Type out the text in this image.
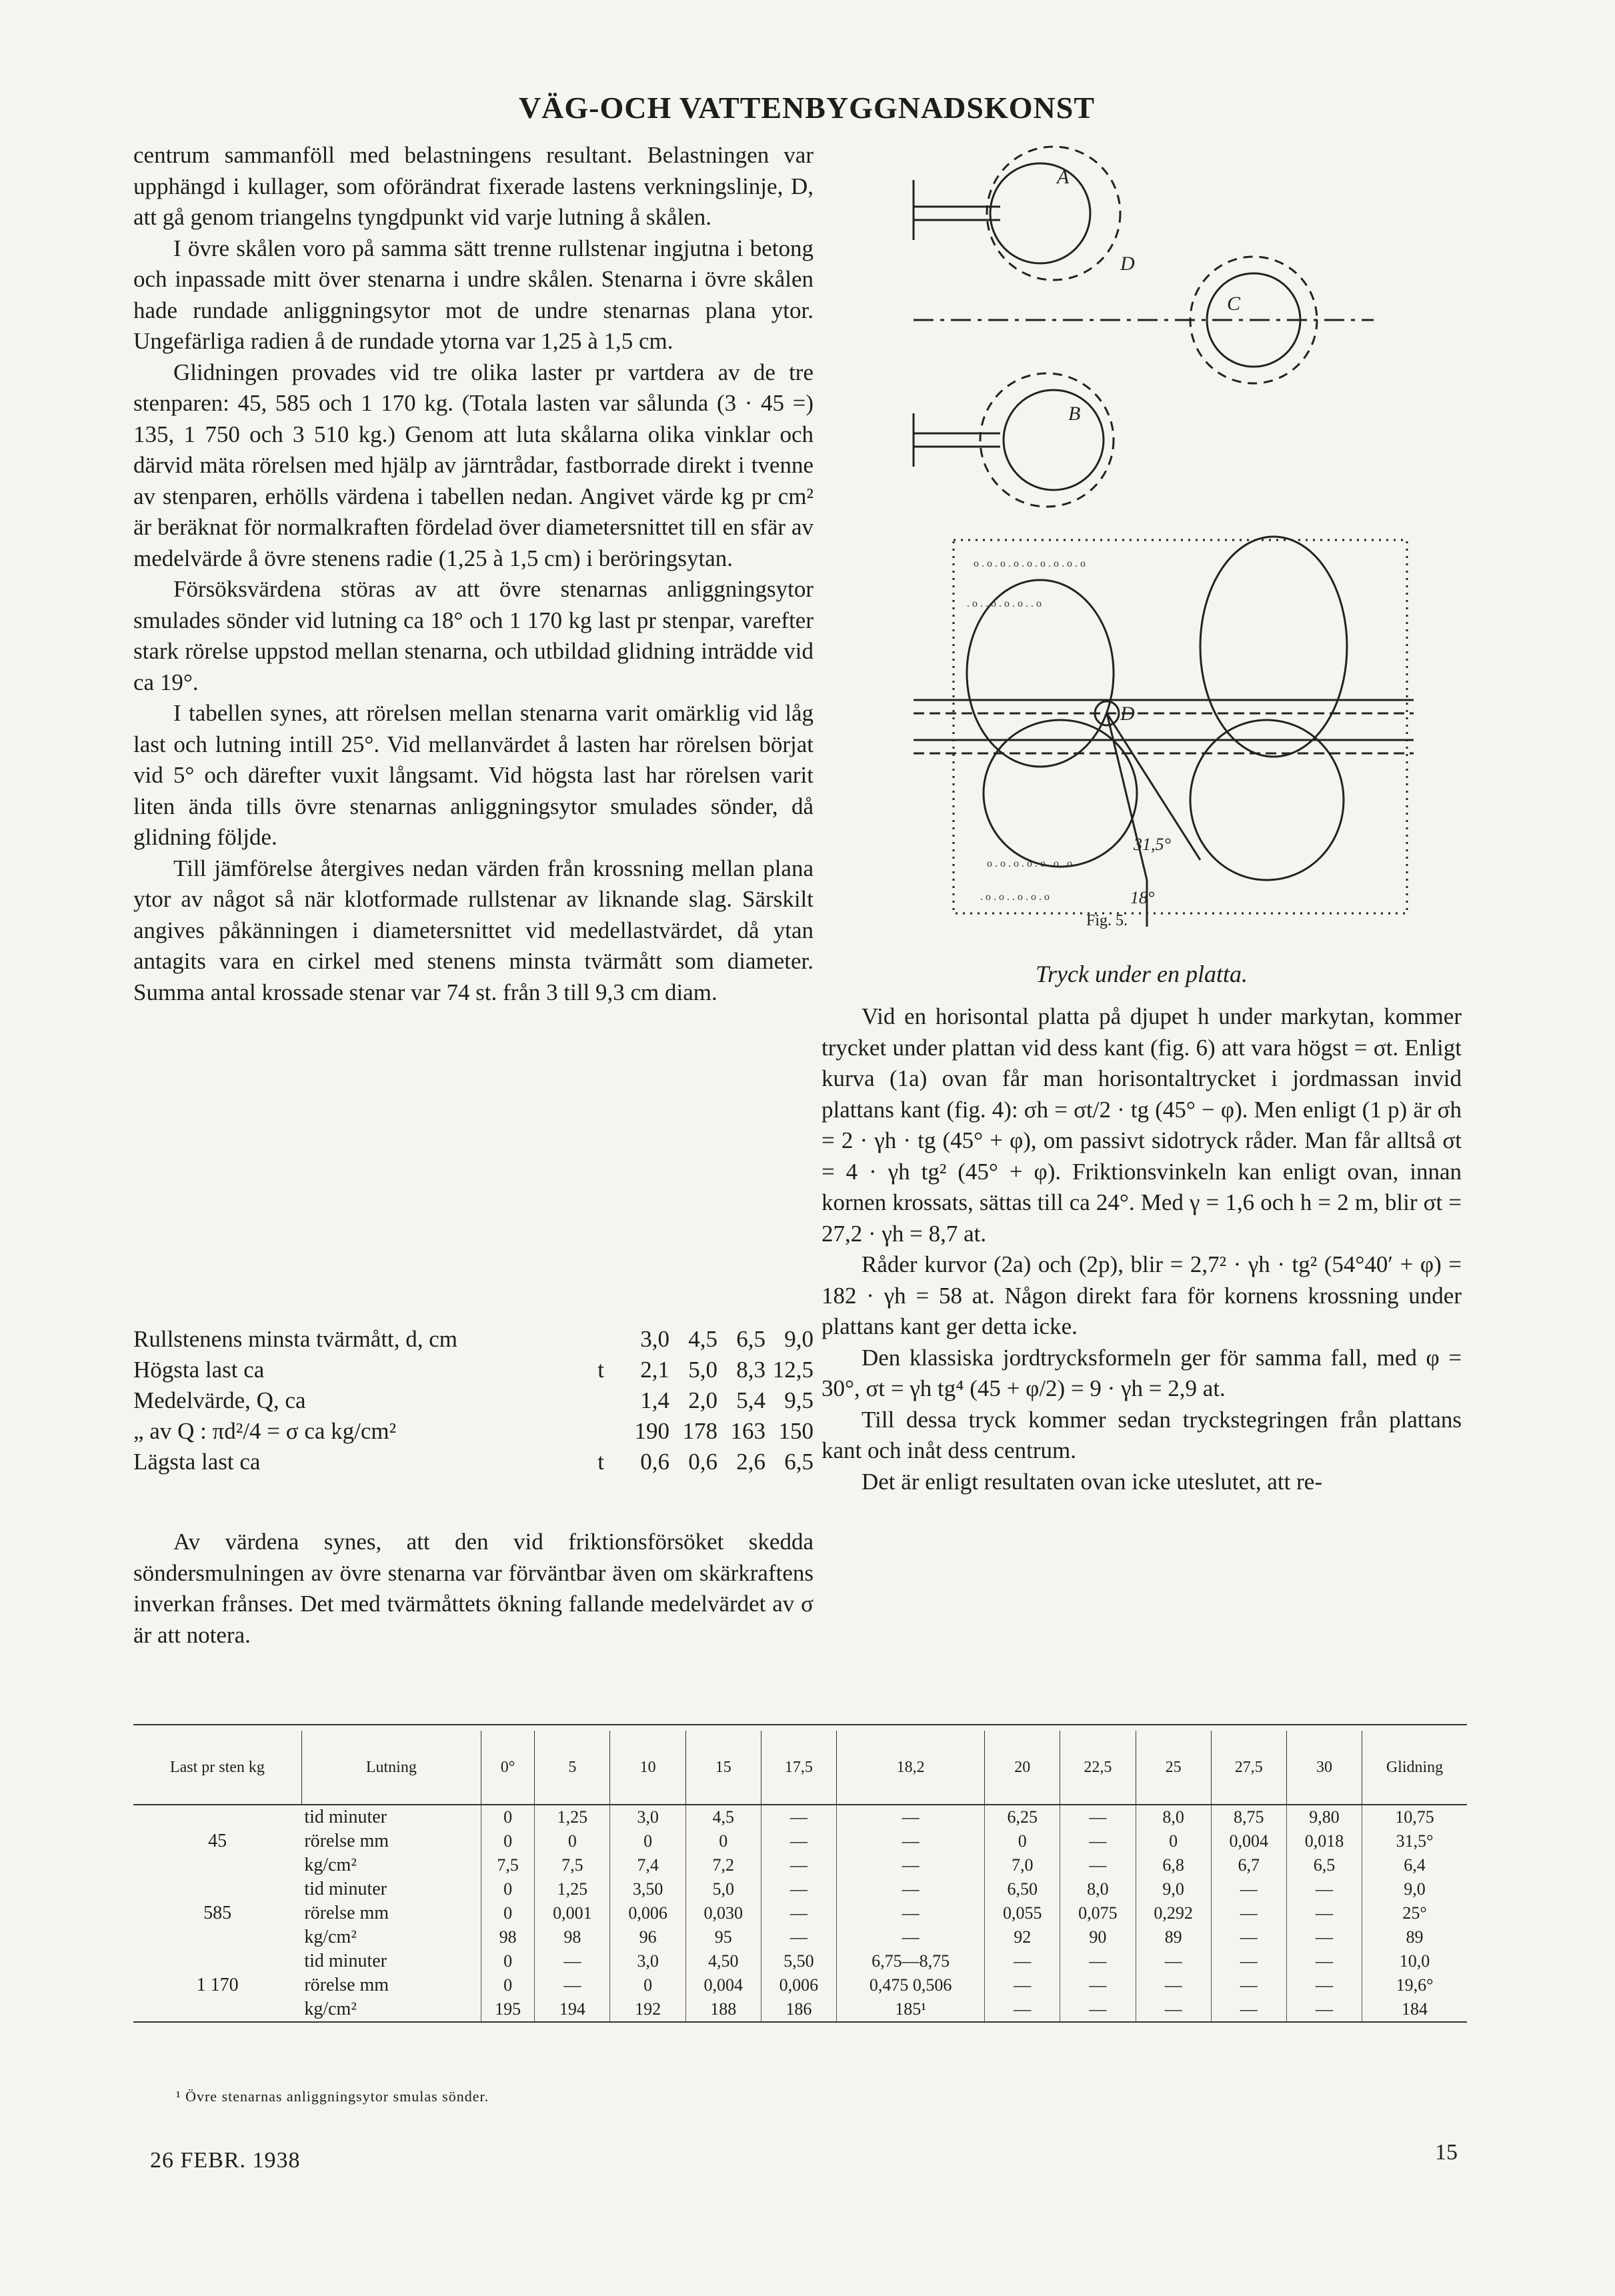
VÄG-OCH VATTENBYGGNADSKONST

centrum sammanföll med belastningens resultant. Belastningen var upphängd i kullager, som oförändrat fixerade lastens verkningslinje, D, att gå genom triangelns tyngdpunkt vid varje lutning å skålen.

I övre skålen voro på samma sätt trenne rullstenar ingjutna i betong och inpassade mitt över stenarna i undre skålen. Stenarna i övre skålen hade rundade anliggningsytor mot de undre stenarnas plana ytor. Ungefärliga radien å de rundade ytorna var 1,25 à 1,5 cm.

Glidningen provades vid tre olika laster pr vartdera av de tre stenparen: 45, 585 och 1 170 kg. (Totala lasten var sålunda (3 · 45 =) 135, 1 750 och 3 510 kg.) Genom att luta skålarna olika vinklar och därvid mäta rörelsen med hjälp av järntrådar, fastborrade direkt i tvenne av stenparen, erhölls värdena i tabellen nedan. Angivet värde kg pr cm² är beräknat för normalkraften fördelad över diametersnittet till en sfär av medelvärde å övre stenens radie (1,25 à 1,5 cm) i beröringsytan.

Försöksvärdena störas av att övre stenarnas anliggningsytor smulades sönder vid lutning ca 18° och 1 170 kg last pr stenpar, varefter stark rörelse uppstod mellan stenarna, och utbildad glidning inträdde vid ca 19°.

I tabellen synes, att rörelsen mellan stenarna varit omärklig vid låg last och lutning intill 25°. Vid mellanvärdet å lasten har rörelsen börjat vid 5° och därefter vuxit långsamt. Vid högsta last har rörelsen varit liten ända tills övre stenarnas anliggningsytor smulades sönder, då glidning följde.

Till jämförelse återgives nedan värden från krossning mellan plana ytor av något så när klotformade rullstenar av liknande slag. Särskilt angives påkänningen i diametersnittet vid medellastvärdet, då ytan antagits vara en cirkel med stenens minsta tvärmått som diameter. Summa antal krossade stenar var 74 st. från 3 till 9,3 cm diam.

Rullstenens minsta tvärmått, d, cm		3,0	4,5	6,5	9,0
Högsta last ca	t	2,1	5,0	8,3	12,5
Medelvärde, Q, ca		1,4	2,0	5,4	9,5
„ av Q : πd²/4 = σ ca kg/cm²		190	178	163	150
Lägsta last ca	t	0,6	0,6	2,6	6,5

Av värdena synes, att den vid friktionsförsöket skedda söndersmulningen av övre stenarna var förväntbar även om skärkraftens inverkan frånses. Det med tvärmåttets ökning fallande medelvärdet av σ är att notera.

A
C
B
D
D
31,5°
18°
o . o . o . o . o . o . o . o . o
. o . . o . o . o . . o
o . o . o . o . o . o . o
. o . o . . o . o . o
Fig. 5.
Tryck under en platta.

Vid en horisontal platta på djupet h under markytan, kommer trycket under plattan vid dess kant (fig. 6) att vara högst = σt. Enligt kurva (1a) ovan får man horisontaltrycket i jordmassan invid plattans kant (fig. 4): σh = σt/2 · tg (45° − φ). Men enligt (1 p) är σh = 2 · γh · tg (45° + φ), om passivt sidotryck råder. Man får alltså σt = 4 · γh tg² (45° + φ). Friktionsvinkeln kan enligt ovan, innan kornen krossats, sättas till ca 24°. Med γ = 1,6 och h = 2 m, blir σt = 27,2 · γh = 8,7 at.

Råder kurvor (2a) och (2p), blir = 2,7² · γh · tg² (54°40′ + φ) = 182 · γh = 58 at. Någon direkt fara för kornens krossning under plattans kant ger detta icke.

Den klassiska jordtrycksformeln ger för samma fall, med φ = 30°, σt = γh tg⁴ (45 + φ/2) = 9 · γh = 2,9 at.

Till dessa tryck kommer sedan tryckstegringen från plattans kant och inåt dess centrum.

Det är enligt resultaten ovan icke uteslutet, att re-

Last pr sten kg	Lutning	0°	5	10	15	17,5	18,2	20	22,5	25	27,5	30	Glidning
45	tid minuter	0	1,25	3,0	4,5	—	—	6,25	—	8,0	8,75	9,80	10,75
	rörelse mm	0	0	0	0	—	—	0	—	0	0,004	0,018	31,5°
	kg/cm²	7,5	7,5	7,4	7,2	—	—	7,0	—	6,8	6,7	6,5	6,4
585	tid minuter	0	1,25	3,50	5,0	—	—	6,50	8,0	9,0	—	—	9,0
	rörelse mm	0	0,001	0,006	0,030	—	—	0,055	0,075	0,292	—	—	25°
	kg/cm²	98	98	96	95	—	—	92	90	89	—	—	89
1 170	tid minuter	0	—	3,0	4,50	5,50	6,75—8,75	—	—	—	—	—	10,0
	rörelse mm	0	—	0	0,004	0,006	0,475 0,506	—	—	—	—	—	19,6°
	kg/cm²	195	194	192	188	186	185¹	—	—	—	—	—	184
¹ Övre stenarnas anliggningsytor smulas sönder.
26 FEBR. 1938	15
